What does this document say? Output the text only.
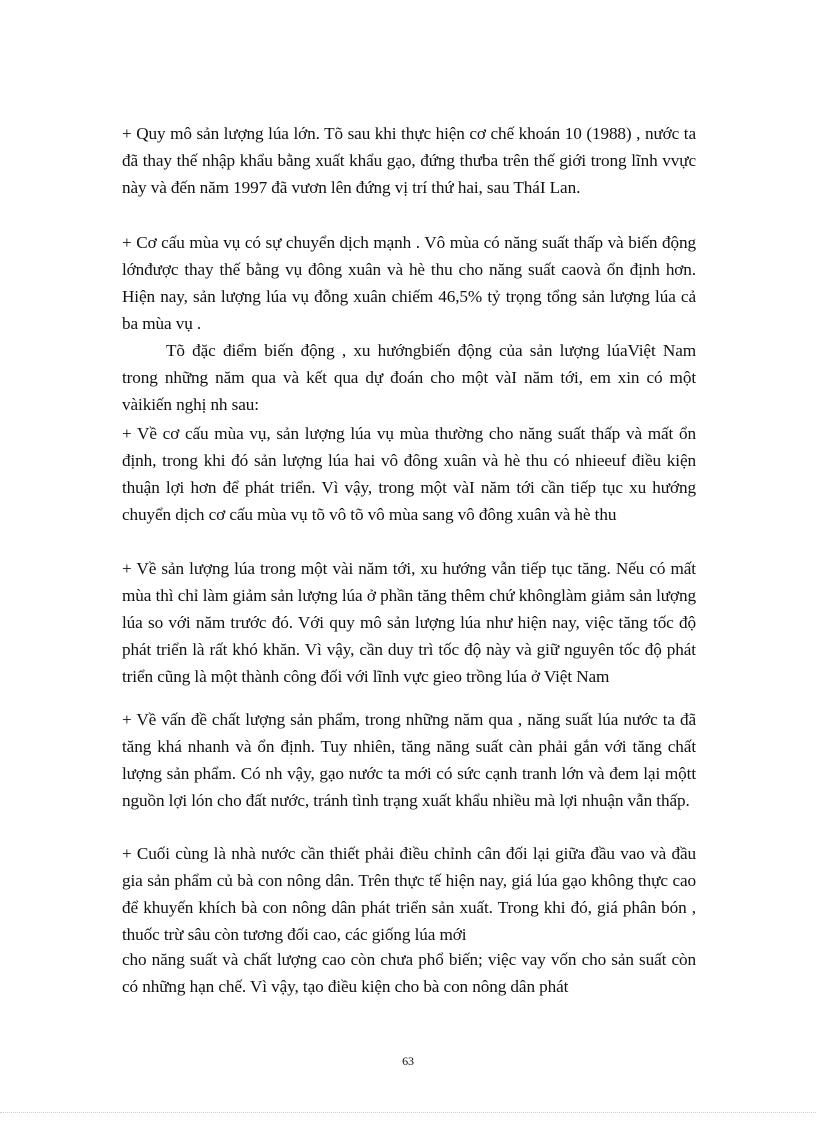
+ Quy mô sản lượng lúa lớn. Tõ sau khi thực hiện cơ chế khoán 10 (1988) , nước ta đã thay thế nhập khẩu bằng xuất khẩu gạo, đứng thưba trên thế giới trong lĩnh vvực này và đến năm 1997 đã vươn lên đứng vị trí thứ hai, sau TháI Lan.

+ Cơ cấu mùa vụ có sự chuyển dịch mạnh . Vô mùa có năng suất thấp và biến động lớnđược thay thế bằng vụ đông xuân và hè thu cho năng suất caovà ổn định hơn. Hiện nay, sản lượng lúa vụ đỗng xuân chiếm 46,5% tỷ trọng tổng sản lượng lúa cả ba mùa vụ .

Tõ đặc điểm biến động , xu hướngbiến động của sản lượng lúaViệt Nam trong những năm qua và kết qua dự đoán cho một vàI năm tới, em xin có một vàikiến nghị nh sau:

+ Về cơ cấu mùa vụ, sản lượng lúa vụ mùa thường cho năng suất thấp và mất ổn định, trong khi đó sản lượng lúa hai vô đông xuân và hè thu có nhieeuf điều kiện thuận lợi hơn để phát triển. Vì vậy, trong một vàI năm tới cần tiếp tục xu hướng chuyển dịch cơ cấu mùa vụ tõ vô tõ vô mùa sang vô đông xuân và hè thu

+ Về sản lượng lúa trong một vài năm tới, xu hướng vẫn tiếp tục tăng. Nếu có mất mùa thì chỉ làm giảm sản lượng lúa ở phần tăng thêm chứ khônglàm giảm sản lượng lúa so với năm trước đó. Với quy mô sản lượng lúa như hiện nay, việc tăng tốc độ phát triển là rất khó khăn. Vì vậy, cần duy trì tốc độ này và giữ nguyên tốc độ phát triển cũng là một thành công đối với lĩnh vực gieo trồng lúa ở Việt Nam

+ Về vấn đề chất lượng sản phẩm, trong những năm qua , năng suất lúa nước ta đã tăng khá nhanh và ổn định. Tuy nhiên, tăng năng suất càn phải gắn với tăng chất lượng sản phẩm. Có nh vậy, gạo nước ta mới có sức cạnh tranh lớn và đem lại mộtt nguồn lợi lón cho đất nước, tránh tình trạng xuất khẩu nhiều mà lợi nhuận vẫn thấp.

+ Cuối cùng là nhà nước cần thiết phải điều chỉnh cân đối lại giữa đầu vao và đầu gia sản phẩm củ bà con nông dân. Trên thực tế hiện nay, giá lúa gạo không thực cao để khuyến khích bà con nông dân phát triển sản xuất. Trong khi đó, giá phân bón , thuốc trừ sâu còn tương đối cao, các giống lúa mới

cho năng suất và chất lượng cao còn chưa phổ biến; việc vay vốn cho sản suất còn có những hạn chế. Vì vậy, tạo điều kiện cho bà con nông dân phát

63
